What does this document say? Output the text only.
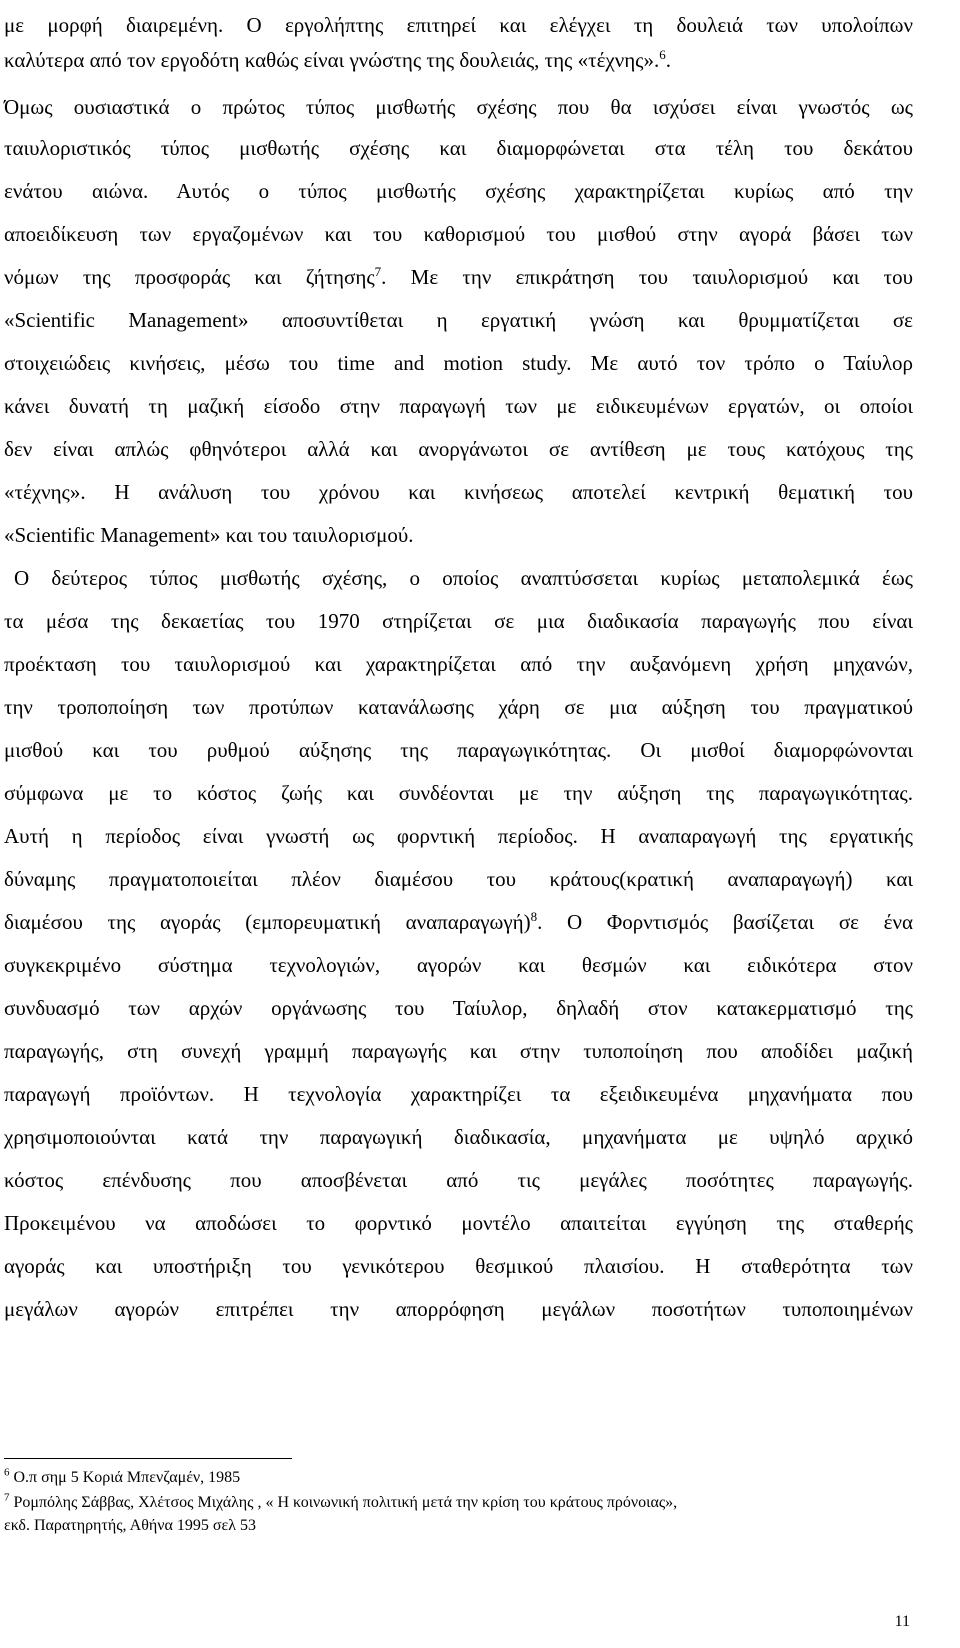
με μορφή διαιρεμένη. Ο εργολήπτης επιτηρεί και ελέγχει τη δουλειά των υπολοίπων
καλύτερα από τον εργοδότη καθώς είναι γνώστης της δουλειάς, της «τέχνης».$^6$.
Όμως ουσιαστικά ο πρώτος τύπος μισθωτής σχέσης που θα ισχύσει είναι γνωστός ως
ταιυλοριστικός τύπος μισθωτής σχέσης και διαμορφώνεται στα τέλη του δεκάτου
ενάτου αιώνα. Αυτός ο τύπος μισθωτής σχέσης χαρακτηρίζεται κυρίως από την
αποειδίκευση των εργαζομένων και του καθορισμού του μισθού στην αγορά βάσει των
νόμων της προσφοράς και ζήτησης$^7$. Με την επικράτηση του ταιυλορισμού και του
«Scientific Management» αποσυντίθεται η εργατική γνώση και θρυμματίζεται σε
στοιχειώδεις κινήσεις, μέσω του time and motion study. Με αυτό τον τρόπο ο Ταίυλορ
κάνει δυνατή τη μαζική είσοδο στην παραγωγή των με ειδικευμένων εργατών, οι οποίοι
δεν είναι απλώς φθηνότεροι αλλά και ανοργάνωτοι σε αντίθεση με τους κατόχους της
«τέχνης». Η ανάλυση του χρόνου και κινήσεως αποτελεί κεντρική θεματική του
«Scientific Management» και του ταιυλορισμού.
Ο δεύτερος τύπος μισθωτής σχέσης, ο οποίος αναπτύσσεται κυρίως μεταπολεμικά έως
τα μέσα της δεκαετίας του 1970 στηρίζεται σε μια διαδικασία παραγωγής που είναι
προέκταση του ταιυλορισμού και χαρακτηρίζεται από την αυξανόμενη χρήση μηχανών,
την τροποποίηση των προτύπων κατανάλωσης χάρη σε μια αύξηση του πραγματικού
μισθού και του ρυθμού αύξησης της παραγωγικότητας. Οι μισθοί διαμορφώνονται
σύμφωνα με το κόστος ζωής και συνδέονται με την αύξηση της παραγωγικότητας.
Αυτή η περίοδος είναι γνωστή ως φορντική περίοδος. Η αναπαραγωγή της εργατικής
δύναμης πραγματοποιείται πλέον διαμέσου του κράτους(κρατική αναπαραγωγή) και
διαμέσου της αγοράς (εμπορευματική αναπαραγωγή)$^8$. Ο Φορντισμός βασίζεται σε ένα
συγκεκριμένο σύστημα τεχνολογιών, αγορών και θεσμών και ειδικότερα στον
συνδυασμό των αρχών οργάνωσης του Ταίυλορ, δηλαδή στον κατακερματισμό της
παραγωγής, στη συνεχή γραμμή παραγωγής και στην τυποποίηση που αποδίδει μαζική
παραγωγή προϊόντων. Η τεχνολογία χαρακτηρίζει τα εξειδικευμένα μηχανήματα που
χρησιμοποιούνται κατά την παραγωγική διαδικασία, μηχανήματα με υψηλό αρχικό
κόστος επένδυσης που αποσβένεται από τις μεγάλες ποσότητες παραγωγής.
Προκειμένου να αποδώσει το φορντικό μοντέλο απαιτείται εγγύηση της σταθερής
αγοράς και υποστήριξη του γενικότερου θεσμικού πλαισίου. Η σταθερότητα των
μεγάλων αγορών επιτρέπει την απορρόφηση μεγάλων ποσοτήτων τυποποιημένων
$^6$ Ο.π σημ 5 Κοριά Μπενζαμέν, 1985
$^7$ Ρομπόλης Σάββας, Χλέτσος Μιχάλης , « Η κοινωνική πολιτική μετά την κρίση του κράτους πρόνοιας»,
εκδ. Παρατηρητής, Αθήνα 1995 σελ 53
11
